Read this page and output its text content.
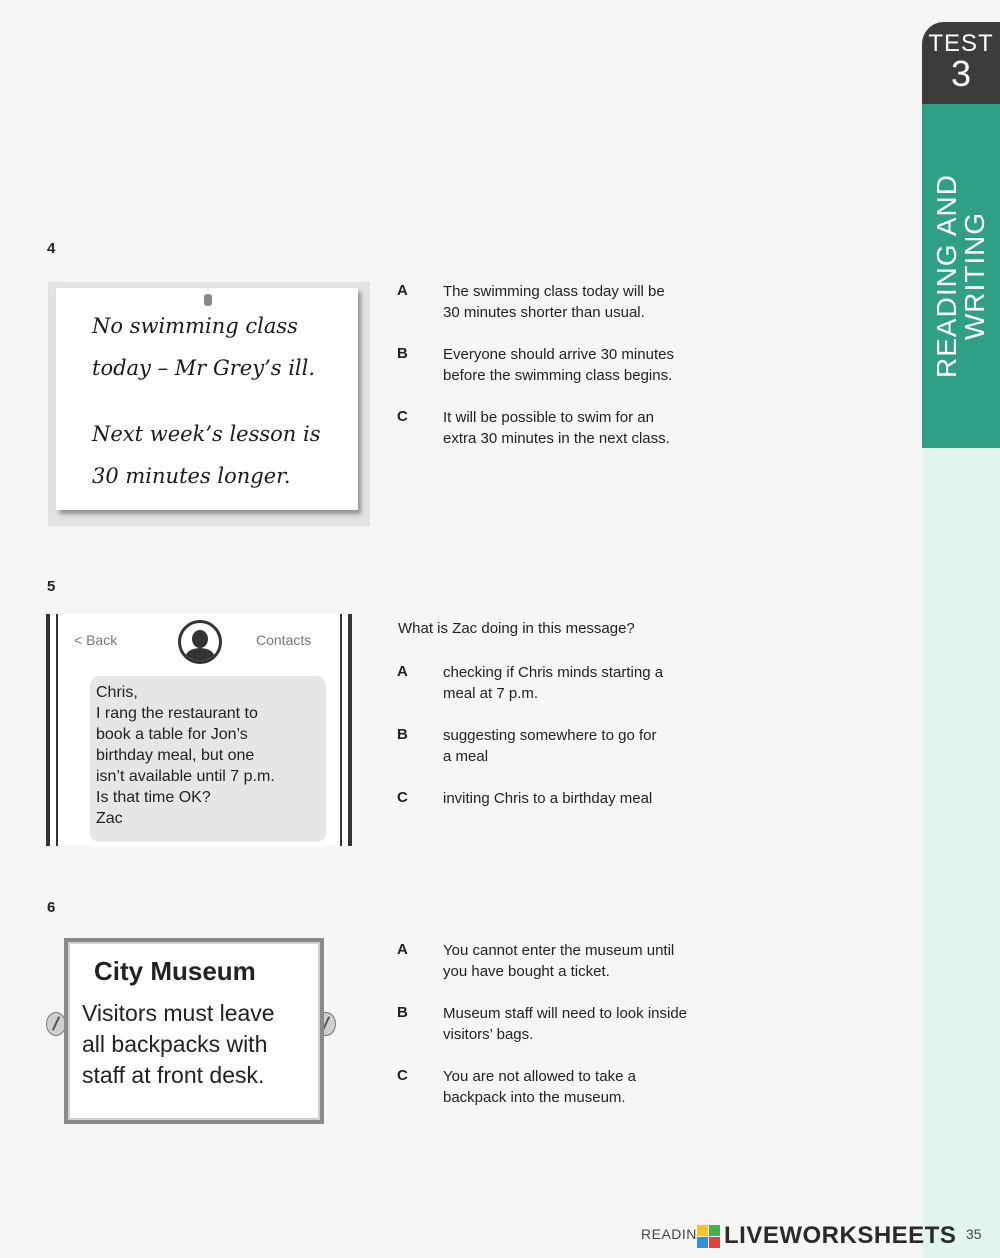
TEST
3
READING AND
WRITING
4
No swimming class
today – Mr Grey’s ill.
Next week’s lesson is
30 minutes longer.
A The swimming class today will be
30 minutes shorter than usual.
B Everyone should arrive 30 minutes
before the swimming class begins.
C It will be possible to swim for an
extra 30 minutes in the next class.
5
< Back	Contacts
Chris,
I rang the restaurant to
book a table for Jon’s
birthday meal, but one
isn’t available until 7 p.m.
Is that time OK?
Zac
What is Zac doing in this message?
A checking if Chris minds starting a
meal at 7 p.m.
B suggesting somewhere to go for
a meal
C inviting Chris to a birthday meal
6
City Museum
Visitors must leave
all backpacks with
staff at front desk.
A You cannot enter the museum until
you have bought a ticket.
B Museum staff will need to look inside
visitors’ bags.
C You are not allowed to take a
backpack into the museum.
READIN LIVEWORKSHEETS 35
